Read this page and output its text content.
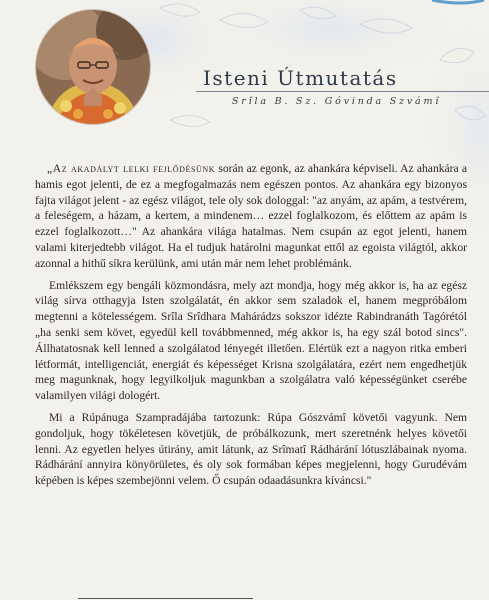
Isteni Útmutatás
Srîla B. Sz. Góvinda Szvámî

„Az akadályt lelki fejlődésünk során az egonk, az ahankára képviseli. Az ahankára a hamis egot jelenti, de ez a megfogalmazás nem egészen pontos. Az ahankára egy bizonyos fajta világot jelent - az egész világot, tele oly sok dologgal: "az anyám, az apám, a testvérem, a feleségem, a házam, a kertem, a mindenem… ezzel foglalkozom, és előttem az apám is ezzel foglalkozott…" Az ahankára világa hatalmas. Nem csupán az egot jelenti, hanem valami kiterjedtebb világot. Ha el tudjuk határolni magunkat ettől az egoista világtól, akkor azonnal a hithű síkra kerülünk, ami után már nem lehet problémánk.

Emlékszem egy bengáli közmondásra, mely azt mondja, hogy még akkor is, ha az egész világ sírva otthagyja Isten szolgálatát, én akkor sem szaladok el, hanem megpróbálom megtenni a kötelességem. Srîla Srîdhara Mahárádzs sokszor idézte Rabindranáth Tagórétól „ha senki sem követ, egyedül kell továbbmenned, még akkor is, ha egy szál botod sincs". Állhatatosnak kell lenned a szolgálatod lényegét illetően. Elértük ezt a nagyon ritka emberi létformát, intelligenciát, energiát és képességet Krisna szolgálatára, ezért nem engedhetjük meg magunknak, hogy legyilkoljuk magunkban a szolgálatra való képességünket cserébe valamilyen világi dologért.

Mi a Rúpánuga Szampradájába tartozunk: Rúpa Gószvámî követői vagyunk. Nem gondoljuk, hogy tökéletesen követjük, de próbálkozunk, mert szeretnénk helyes követői lenni. Az egyetlen helyes útirány, amit látunk, az Srîmatî Rádhárání lótuszlábainak nyoma. Rádhárání annyira könyörületes, és oly sok formában képes megjelenni, hogy Gurudévám képében is képes szembejönni velem. Ő csupán odaadásunkra kíváncsi."
